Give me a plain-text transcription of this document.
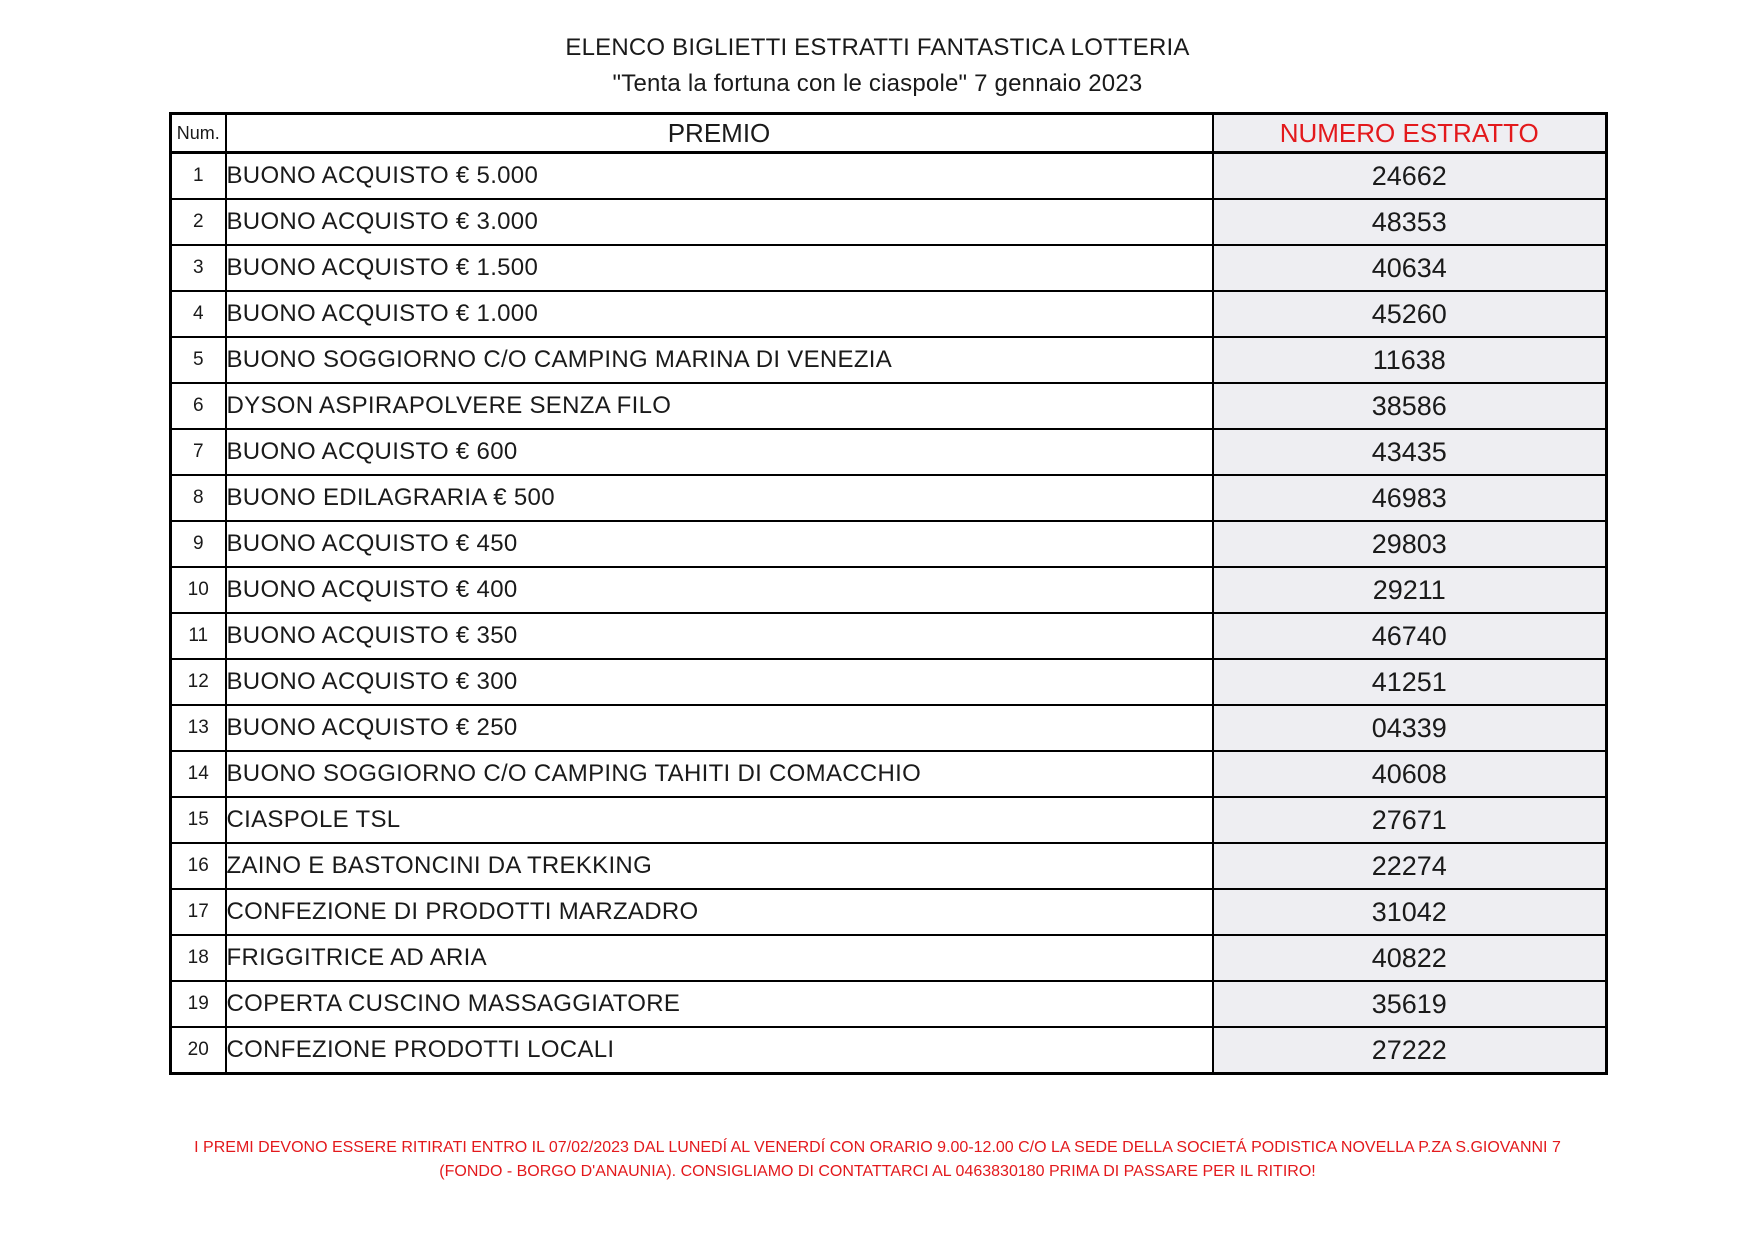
ELENCO BIGLIETTI ESTRATTI FANTASTICA LOTTERIA
"Tenta la fortuna con le ciaspole" 7 gennaio 2023
Num.	PREMIO	NUMERO ESTRATTO
1	BUONO ACQUISTO € 5.000	24662
2	BUONO ACQUISTO € 3.000	48353
3	BUONO ACQUISTO € 1.500	40634
4	BUONO ACQUISTO € 1.000	45260
5	BUONO SOGGIORNO C/O CAMPING MARINA DI VENEZIA	11638
6	DYSON ASPIRAPOLVERE SENZA FILO	38586
7	BUONO ACQUISTO € 600	43435
8	BUONO EDILAGRARIA € 500	46983
9	BUONO ACQUISTO € 450	29803
10	BUONO ACQUISTO € 400	29211
11	BUONO ACQUISTO € 350	46740
12	BUONO ACQUISTO € 300	41251
13	BUONO ACQUISTO € 250	04339
14	BUONO SOGGIORNO C/O CAMPING TAHITI DI COMACCHIO	40608
15	CIASPOLE TSL	27671
16	ZAINO E BASTONCINI DA TREKKING	22274
17	CONFEZIONE DI PRODOTTI MARZADRO	31042
18	FRIGGITRICE AD ARIA	40822
19	COPERTA CUSCINO MASSAGGIATORE	35619
20	CONFEZIONE PRODOTTI LOCALI	27222
I PREMI DEVONO ESSERE RITIRATI ENTRO IL 07/02/2023 DAL LUNEDÍ AL VENERDÍ CON ORARIO 9.00-12.00 C/O LA SEDE DELLA SOCIETÁ PODISTICA NOVELLA P.ZA S.GIOVANNI 7
(FONDO - BORGO D'ANAUNIA). CONSIGLIAMO DI CONTATTARCI AL 0463830180 PRIMA DI PASSARE PER IL RITIRO!
